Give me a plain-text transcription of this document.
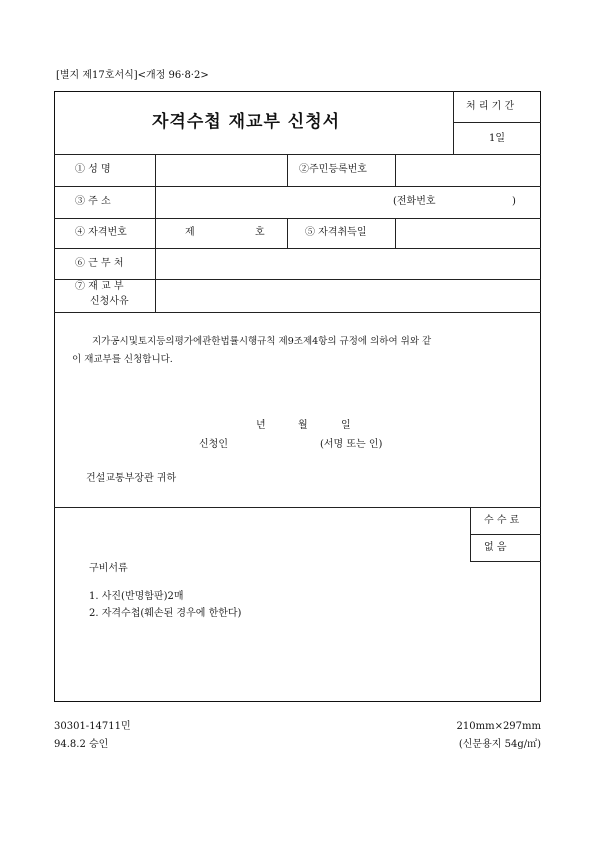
[별지 제17호서식]<개정 96·8·2>
자격수첩 재교부 신청서
처 리 기 간
1일
① 성 명	②주민등록번호
③ 주 소	(전화번호	)
④ 자격번호	제	호	⑤ 자격취득일
⑥ 근 무 처
⑦ 재 교 부
신청사유
지가공시및토지등의평가에관한법률시행규칙 제9조제4항의 규정에 의하여 위와 같
이 재교부를 신청합니다.
년	월	일
신청인	(서명 또는 인)
건설교통부장관 귀하
수 수 료
없 음
구비서류
1. 사진(반명함판)2매
2. 자격수첩(훼손된 경우에 한한다)
30301-14711민
94.8.2 승인
210mm×297mm
(신문용지 54g/㎡)
